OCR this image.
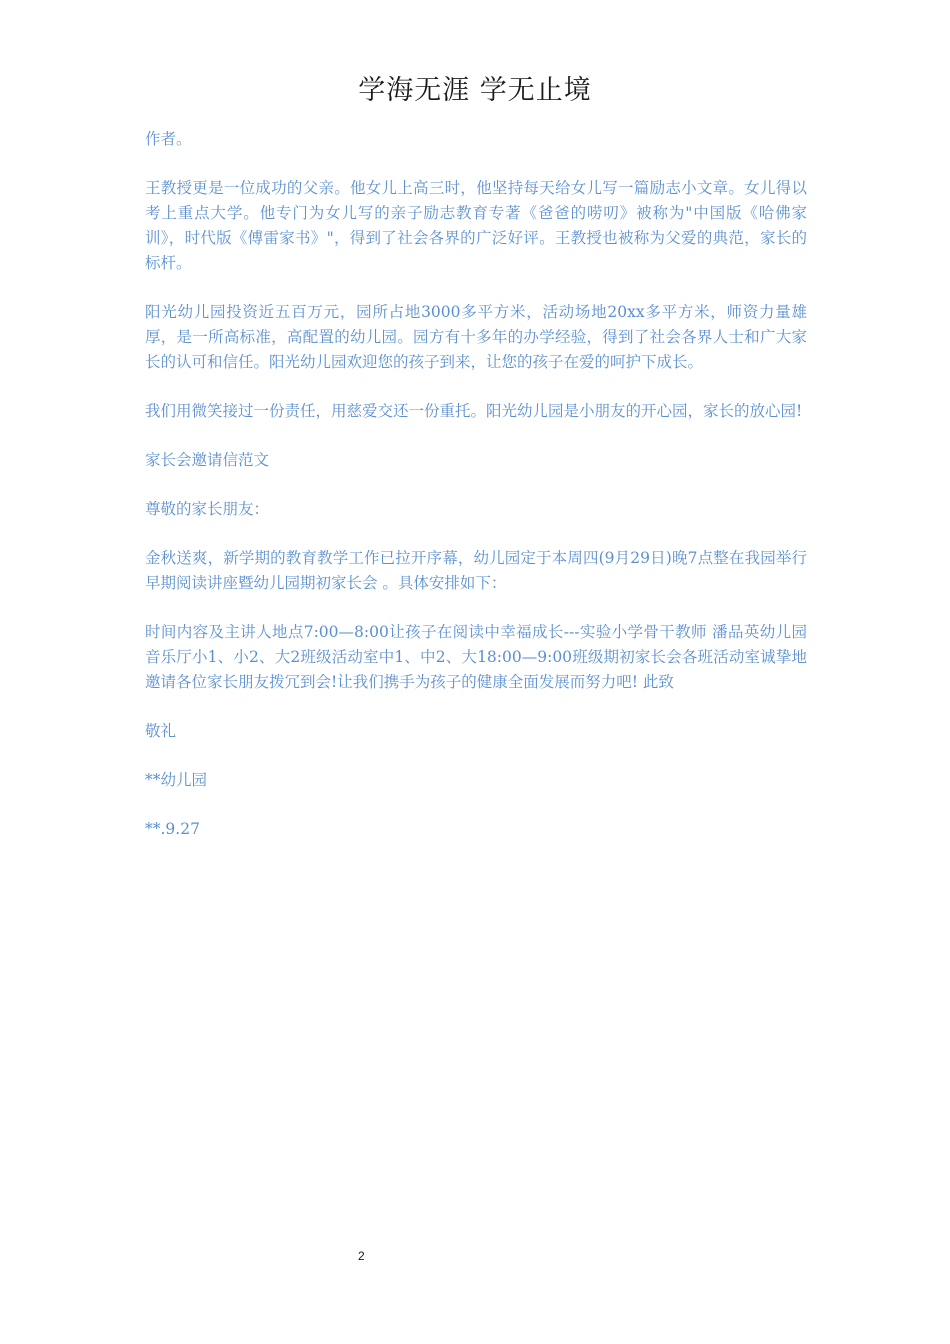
学海无涯 学无止境

作者。

王教授更是一位成功的父亲。他女儿上高三时，他坚持每天给女儿写一篇励志小文章。女儿得以考上重点大学。他专门为女儿写的亲子励志教育专著《爸爸的唠叨》被称为"中国版《哈佛家训》，时代版《傅雷家书》"，得到了社会各界的广泛好评。王教授也被称为父爱的典范，家长的标杆。

阳光幼儿园投资近五百万元，园所占地3000多平方米，活动场地20xx多平方米，师资力量雄厚，是一所高标准，高配置的幼儿园。园方有十多年的办学经验，得到了社会各界人士和广大家长的认可和信任。阳光幼儿园欢迎您的孩子到来，让您的孩子在爱的呵护下成长。

我们用微笑接过一份责任，用慈爱交还一份重托。阳光幼儿园是小朋友的开心园，家长的放心园!

家长会邀请信范文

尊敬的家长朋友：

金秋送爽，新学期的教育教学工作已拉开序幕，幼儿园定于本周四(9月29日)晚7点整在我园举行早期阅读讲座暨幼儿园期初家长会 。具体安排如下：

时间内容及主讲人地点7:00—8:00让孩子在阅读中幸福成长---实验小学骨干教师 潘品英幼儿园音乐厅小1、小2、大2班级活动室中1、中2、大18:00—9:00班级期初家长会各班活动室诚挚地邀请各位家长朋友拨冗到会!让我们携手为孩子的健康全面发展而努力吧! 此致

敬礼

**幼儿园

**.9.27

2
